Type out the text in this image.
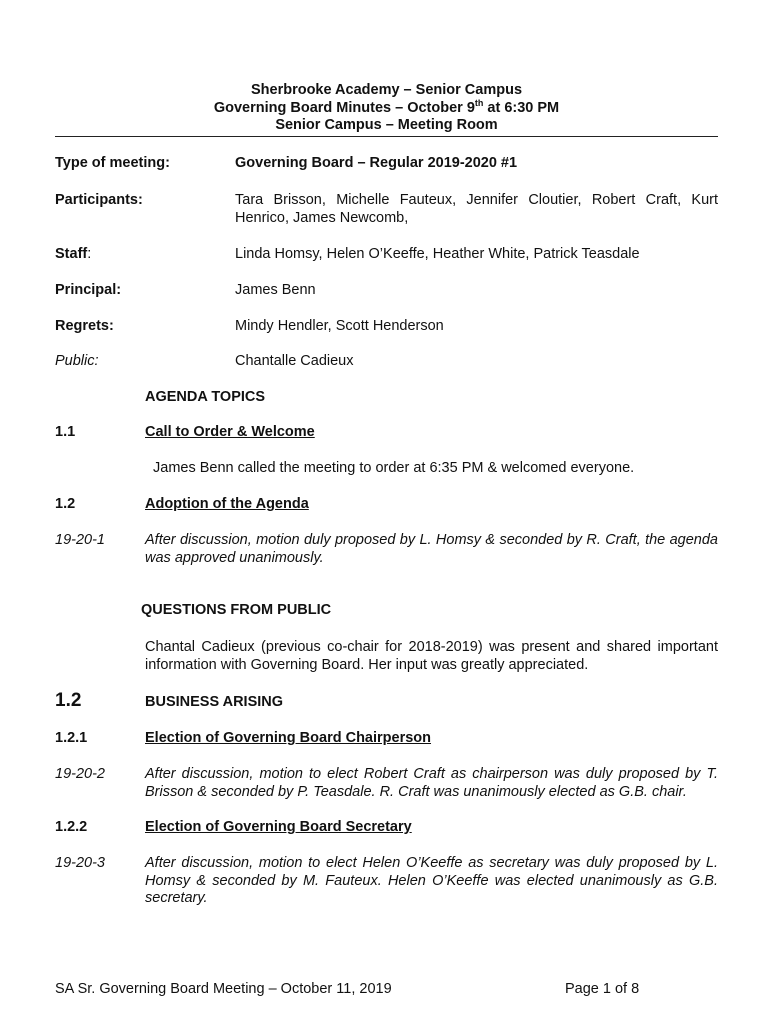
Sherbrooke Academy – Senior Campus
Governing Board Minutes – October 9th at 6:30 PM
Senior Campus – Meeting Room
Type of meeting:	Governing Board – Regular 2019-2020 #1
Participants:	Tara Brisson, Michelle Fauteux, Jennifer Cloutier, Robert Craft, Kurt Henrico, James Newcomb,
Staff:	Linda Homsy, Helen O’Keeffe, Heather White, Patrick Teasdale
Principal:	James Benn
Regrets:	Mindy Hendler, Scott Henderson
Public:	Chantalle Cadieux
AGENDA TOPICS
1.1	Call to Order & Welcome
James Benn called the meeting to order at 6:35 PM & welcomed everyone.
1.2	Adoption of the Agenda
19-20-1	After discussion, motion duly proposed by L. Homsy & seconded by R. Craft, the agenda was approved unanimously.
QUESTIONS FROM PUBLIC
Chantal Cadieux (previous co-chair for 2018-2019) was present and shared important information with Governing Board. Her input was greatly appreciated.
1.2	BUSINESS ARISING
1.2.1	Election of Governing Board Chairperson
19-20-2	After discussion, motion to elect Robert Craft as chairperson was duly proposed by T. Brisson & seconded by P. Teasdale. R. Craft was unanimously elected as G.B. chair.
1.2.2	Election of Governing Board Secretary
19-20-3	After discussion, motion to elect Helen O’Keeffe as secretary was duly proposed by L. Homsy & seconded by M. Fauteux. Helen O’Keeffe was elected unanimously as G.B. secretary.
SA Sr. Governing Board Meeting – October 11, 2019	Page 1 of 8
